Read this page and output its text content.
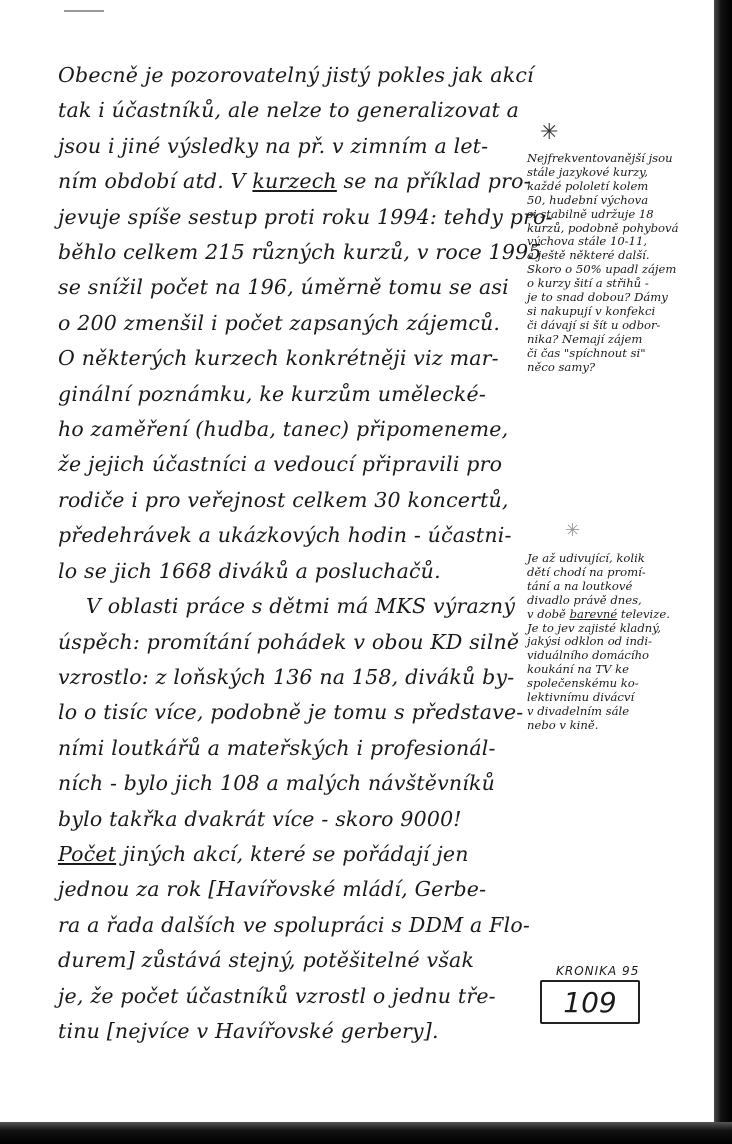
Obecně je pozorovatelný jistý pokles jak akcí
tak i účastníků, ale nelze to generalizovat a
jsou i jiné výsledky na př. v zimním a let-
ním období atd. V kurzech se na příklad pro-
jevuje spíše sestup proti roku 1994: tehdy pro-
běhlo celkem 215 různých kurzů, v roce 1995
se snížil počet na 196, úměrně tomu se asi
o 200 zmenšil i počet zapsaných zájemců.
O některých kurzech konkrétněji viz mar-
ginální poznámku, ke kurzům umělecké-
ho zaměření (hudba, tanec) připomeneme,
že jejich účastníci a vedoucí připravili pro
rodiče i pro veřejnost celkem 30 koncertů,
předehrávek a ukázkových hodin - účastni-
lo se jich 1668 diváků a posluchačů.

V oblasti práce s dětmi má MKS výrazný
úspěch: promítání pohádek v obou KD silně
vzrostlo: z loňských 136 na 158, diváků by-
lo o tisíc více, podobně je tomu s představe-
ními loutkářů a mateřských i profesionál-
ních - bylo jich 108 a malých návštěvníků
bylo takřka dvakrát více - skoro 9000!

Počet jiných akcí, které se pořádají jen
jednou za rok [Havířovské mládí, Gerbe-
ra a řada dalších ve spolupráci s DDM a Flo-
durem] zůstává stejný, potěšitelné však
je, že počet účastníků vzrostl o jednu tře-
tinu [nejvíce v Havířovské gerbery].

✳
Nejfrekventovanější jsou
stále jazykové kurzy,
každé pololetí kolem
50, hudební výchova
si stabilně udržuje 18
kurzů, podobně pohybová
výchova stále 10-11,
a ještě některé další.
Skoro o 50% upadl zájem
o kurzy šití a střihů -
je to snad dobou? Dámy
si nakupují v konfekci
či dávají si šít u odbor-
nika? Nemají zájem
či čas "spíchnout si"
něco samy?
✳
Je až udivující, kolik
dětí chodí na promí-
tání a na loutkové
divadlo právě dnes,
v době barevné televize.
Je to jev zajisté kladný,
jakýsi odklon od indi-
viduálního domácího
koukání na TV ke
společenskému ko-
lektivnímu divácví
v divadelním sále
nebo v kině.
KRONIKA 95
109
